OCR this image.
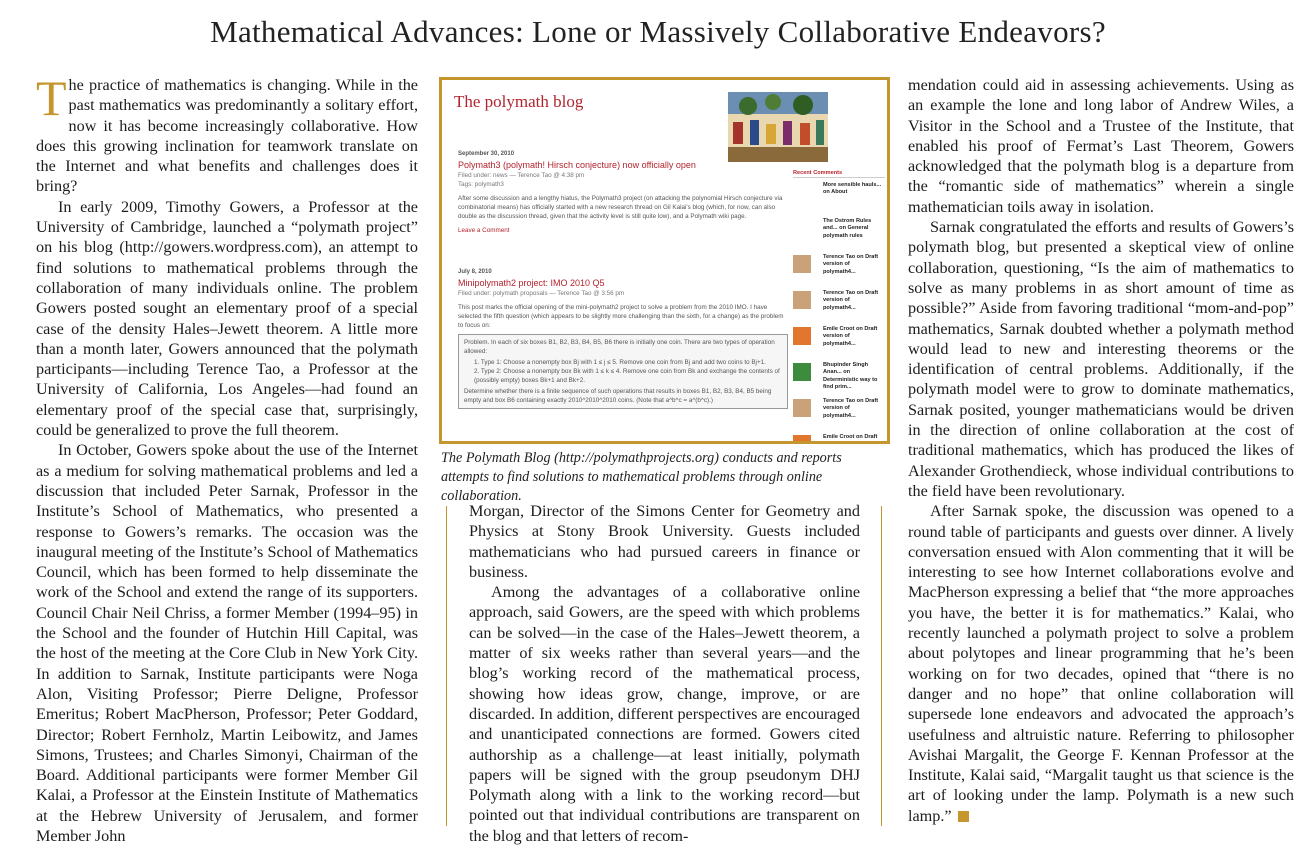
Mathematical Advances: Lone or Massively Collaborative Endeavors?

The practice of mathematics is changing. While in the past mathematics was predominantly a solitary effort, now it has become increasingly collaborative. How does this growing inclination for teamwork translate on the Internet and what benefits and challenges does it bring?

In early 2009, Timothy Gowers, a Professor at the University of Cambridge, launched a “polymath project” on his blog (http://gowers.wordpress.com), an attempt to find solutions to mathematical problems through the collaboration of many individuals online. The problem Gowers posted sought an elementary proof of a special case of the density Hales–Jewett theorem. A little more than a month later, Gowers announced that the polymath participants—including Terence Tao, a Professor at the University of California, Los Angeles—had found an elementary proof of the special case that, surprisingly, could be generalized to prove the full theorem.

In October, Gowers spoke about the use of the Internet as a medium for solving mathematical problems and led a discussion that included Peter Sarnak, Professor in the Institute’s School of Mathematics, who presented a response to Gowers’s remarks. The occasion was the inaugural meeting of the Institute’s School of Mathematics Council, which has been formed to help disseminate the work of the School and extend the range of its supporters. Council Chair Neil Chriss, a former Member (1994–95) in the School and the founder of Hutchin Hill Capital, was the host of the meeting at the Core Club in New York City. In addition to Sarnak, Institute participants were Noga Alon, Visiting Professor; Pierre Deligne, Professor Emeritus; Robert MacPherson, Professor; Peter Goddard, Director; Robert Fernholz, Martin Leibowitz, and James Simons, Trustees; and Charles Simonyi, Chairman of the Board. Additional participants were former Member Gil Kalai, a Professor at the Einstein Institute of Mathematics at the Hebrew University of Jerusalem, and former Member John

The polymath blog
September 30, 2010
Polymath3 (polymath! Hirsch conjecture) now officially open
Filed under: news — Terence Tao @ 4:38 pm
Tags: polymath3
After some discussion and a lengthy hiatus, the Polymath3 project (on attacking the polynomial Hirsch conjecture via combinatorial means) has officially started with a new research thread on Gil Kalai's blog (which, for now, can also double as the discussion thread, given that the activity level is still quite low), and a Polymath wiki page.
Leave a Comment
July 8, 2010
Minipolymath2 project: IMO 2010 Q5
Filed under: polymath proposals — Terence Tao @ 3:56 pm
This post marks the official opening of the mini-polymath2 project to solve a problem from the 2010 IMO. I have selected the fifth question (which appears to be slightly more challenging than the sixth, for a change) as the problem to focus on:
Problem. In each of six boxes B1, B2, B3, B4, B5, B6 there is initially one coin. There are two types of operation allowed:
1. Type 1: Choose a nonempty box Bj with 1 ≤ j ≤ 5. Remove one coin from Bj and add two coins to Bj+1.
2. Type 2: Choose a nonempty box Bk with 1 ≤ k ≤ 4. Remove one coin from Bk and exchange the contents of (possibly empty) boxes Bk+1 and Bk+2.
Determine whether there is a finite sequence of such operations that results in boxes B1, B2, B3, B4, B5 being empty and box B6 containing exactly 2010^2010^2010 coins. (Note that a^b^c = a^(b^c).)
Recent Comments
More sensible hauls... on About
The Ostrom Rules and... on General polymath rules
Terence Tao on Draft version of polymath4...
Terence Tao on Draft version of polymath4...
Emile Croot on Draft version of polymath4...
Bhupinder Singh Anan... on Deterministic way to find prim...
Terence Tao on Draft version of polymath4...
Emile Croot on Draft
The Polymath Blog (http://polymathprojects.org) conducts and reports attempts to find solutions to mathematical problems through online collaboration.

Morgan, Director of the Simons Center for Geometry and Physics at Stony Brook University. Guests included mathematicians who had pursued careers in finance or business.

Among the advantages of a collaborative online approach, said Gowers, are the speed with which problems can be solved—in the case of the Hales–Jewett theorem, a matter of six weeks rather than several years—and the blog’s working record of the mathematical process, showing how ideas grow, change, improve, or are discarded. In addition, different perspectives are encouraged and unanticipated connections are formed. Gowers cited authorship as a challenge—at least initially, polymath papers will be signed with the group pseudonym DHJ Polymath along with a link to the working record—but pointed out that individual contributions are transparent on the blog and that letters of recom-

mendation could aid in assessing achievements. Using as an example the lone and long labor of Andrew Wiles, a Visitor in the School and a Trustee of the Institute, that enabled his proof of Fermat’s Last Theorem, Gowers acknowledged that the polymath blog is a departure from the “romantic side of mathematics” wherein a single mathematician toils away in isolation.

Sarnak congratulated the efforts and results of Gowers’s polymath blog, but presented a skeptical view of online collaboration, questioning, “Is the aim of mathematics to solve as many problems in as short amount of time as possible?” Aside from favoring traditional “mom-and-pop” mathematics, Sarnak doubted whether a polymath method would lead to new and interesting theorems or the identification of central problems. Additionally, if the polymath model were to grow to dominate mathematics, Sarnak posited, younger mathematicians would be driven in the direction of online collaboration at the cost of traditional mathematics, which has produced the likes of Alexander Grothendieck, whose individual contributions to the field have been revolutionary.

After Sarnak spoke, the discussion was opened to a round table of participants and guests over dinner. A lively conversation ensued with Alon commenting that it will be interesting to see how Internet collaborations evolve and MacPherson expressing a belief that “the more approaches you have, the better it is for mathematics.” Kalai, who recently launched a polymath project to solve a problem about polytopes and linear programming that he’s been working on for two decades, opined that “there is no danger and no hope” that online collaboration will supersede lone endeavors and advocated the approach’s usefulness and altruistic nature. Referring to philosopher Avishai Margalit, the George F. Kennan Professor at the Institute, Kalai said, “Margalit taught us that science is the art of looking under the lamp. Polymath is a new such lamp.”
